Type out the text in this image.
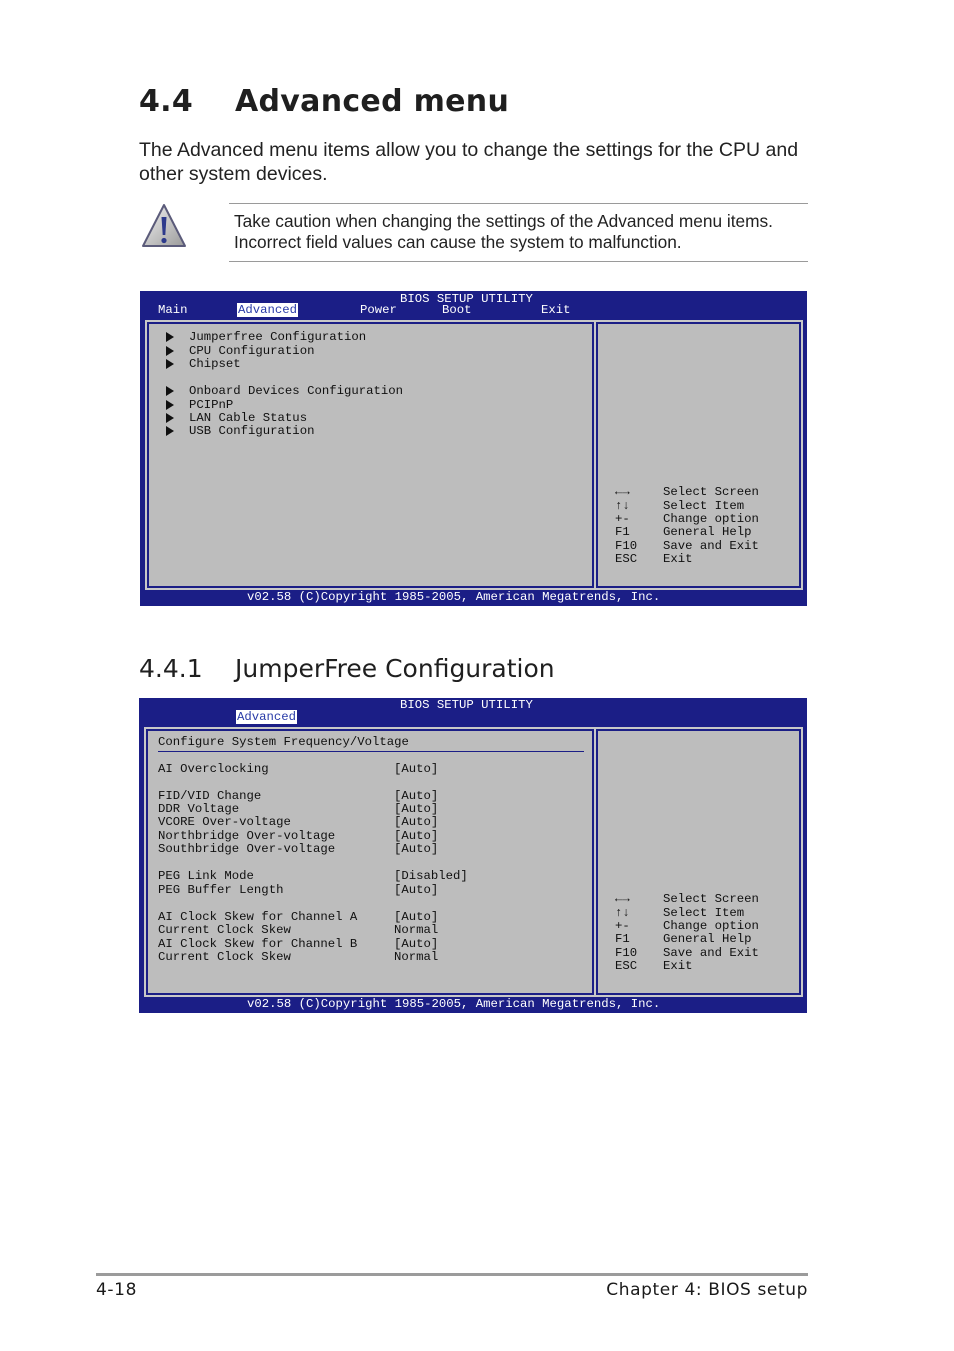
4.4 Advanced menu
The Advanced menu items allow you to change the settings for the CPU and other system devices.
Take caution when changing the settings of the Advanced menu items.
Incorrect field values can cause the system to malfunction.
BIOS SETUP UTILITY
Main	Advanced	Power	Boot	Exit
Jumperfree Configuration
CPU Configuration
Chipset
Onboard Devices Configuration
PCIPnP
LAN Cable Status
USB Configuration
←→	Select Screen
↑↓	Select Item
+-	Change option
F1	General Help
F10 Save and Exit
ESC Exit
v02.58 (C)Copyright 1985-2005, American Megatrends, Inc.
4.4.1 JumperFree Configuration
BIOS SETUP UTILITY
Advanced
Configure System Frequency/Voltage
AI Overclocking	[Auto]
FID/VID Change	[Auto]
DDR Voltage	[Auto]
VCORE Over-voltage	[Auto]
Northbridge Over-voltage	[Auto]
Southbridge Over-voltage	[Auto]
PEG Link Mode	[Disabled]
PEG Buffer Length	[Auto]
AI Clock Skew for Channel A	[Auto]
Current Clock Skew	Normal
AI Clock Skew for Channel B	[Auto]
Current Clock Skew	Normal
←→	Select Screen
↑↓	Select Item
+-	Change option
F1	General Help
F10 Save and Exit
ESC Exit
v02.58 (C)Copyright 1985-2005, American Megatrends, Inc.
4-18	Chapter 4: BIOS setup
